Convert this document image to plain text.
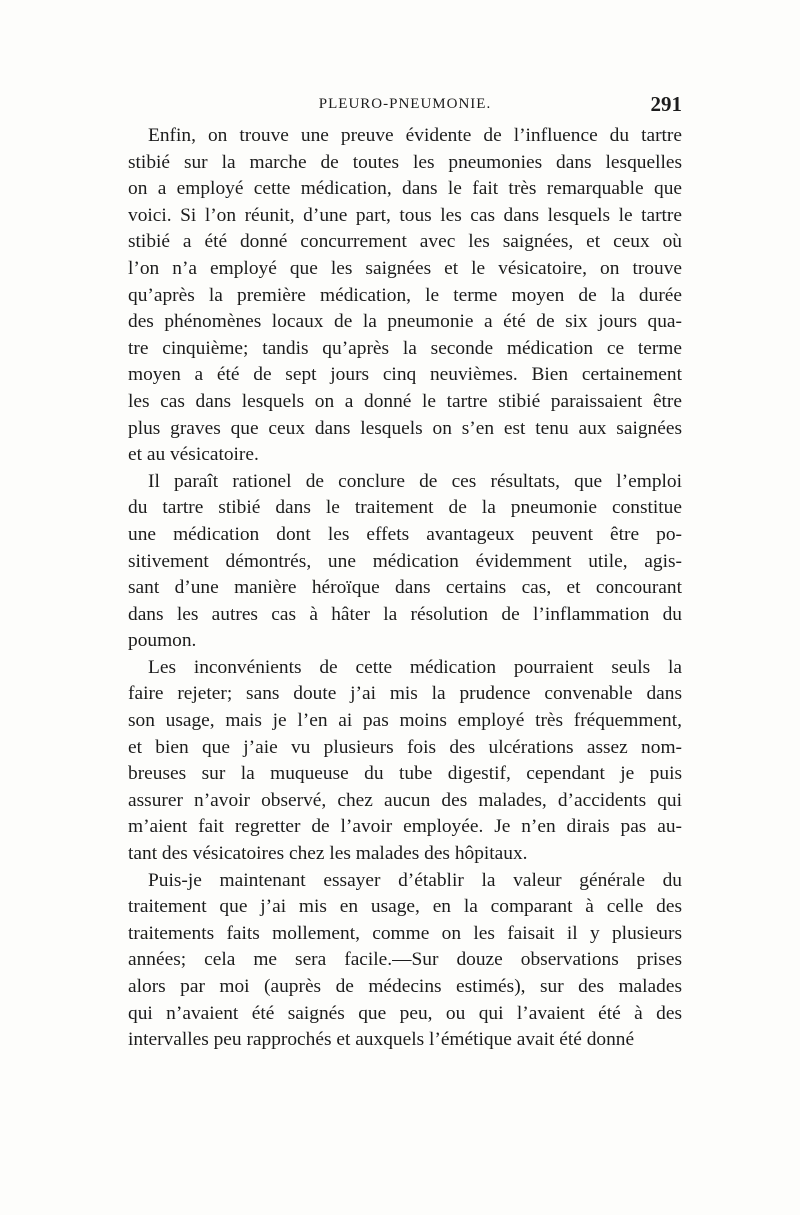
PLEURO-PNEUMONIE.	291
Enfin, on trouve une preuve évidente de l’influence du tartre
stibié sur la marche de toutes les pneumonies dans lesquelles
on a employé cette médication, dans le fait très remarquable que
voici. Si l’on réunit, d’une part, tous les cas dans lesquels le tartre
stibié a été donné concurrement avec les saignées, et ceux où
l’on n’a employé que les saignées et le vésicatoire, on trouve
qu’après la première médication, le terme moyen de la durée
des phénomènes locaux de la pneumonie a été de six jours qua-
tre cinquième; tandis qu’après la seconde médication ce terme
moyen a été de sept jours cinq neuvièmes. Bien certainement
les cas dans lesquels on a donné le tartre stibié paraissaient être
plus graves que ceux dans lesquels on s’en est tenu aux saignées
et au vésicatoire.
Il paraît rationel de conclure de ces résultats, que l’emploi
du tartre stibié dans le traitement de la pneumonie constitue
une médication dont les effets avantageux peuvent être po-
sitivement démontrés, une médication évidemment utile, agis-
sant d’une manière héroïque dans certains cas, et concourant
dans les autres cas à hâter la résolution de l’inflammation du
poumon.
Les inconvénients de cette médication pourraient seuls la
faire rejeter; sans doute j’ai mis la prudence convenable dans
son usage, mais je l’en ai pas moins employé très fréquemment,
et bien que j’aie vu plusieurs fois des ulcérations assez nom-
breuses sur la muqueuse du tube digestif, cependant je puis
assurer n’avoir observé, chez aucun des malades, d’accidents qui
m’aient fait regretter de l’avoir employée. Je n’en dirais pas au-
tant des vésicatoires chez les malades des hôpitaux.
Puis-je maintenant essayer d’établir la valeur générale du
traitement que j’ai mis en usage, en la comparant à celle des
traitements faits mollement, comme on les faisait il y plusieurs
années; cela me sera facile.—Sur douze observations prises
alors par moi (auprès de médecins estimés), sur des malades
qui n’avaient été saignés que peu, ou qui l’avaient été à des
intervalles peu rapprochés et auxquels l’émétique avait été donné
